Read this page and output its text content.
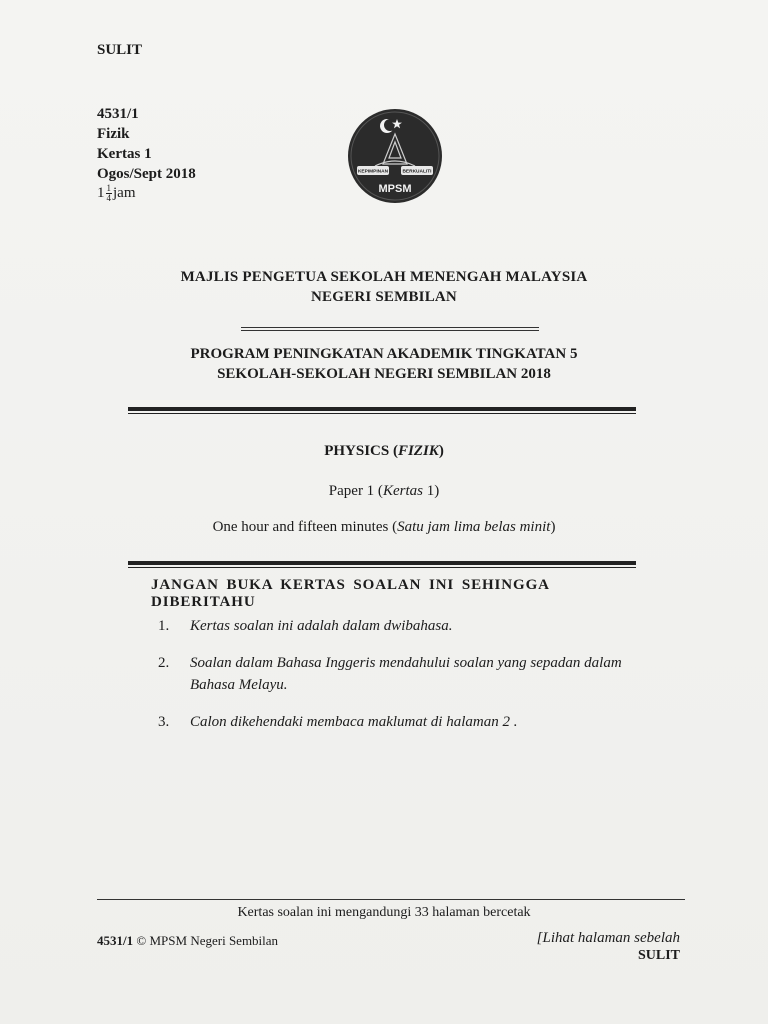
SULIT
4531/1
Fizik
Kertas 1
Ogos/Sept 2018
$1 \frac{1}{4}$ jam
KEPIMPINAN	BERKUALITI
MPSM
MAJLIS PENGETUA SEKOLAH MENENGAH MALAYSIA
NEGERI SEMBILAN
PROGRAM PENINGKATAN AKADEMIK TINGKATAN 5
SEKOLAH-SEKOLAH NEGERI SEMBILAN 2018
PHYSICS (FIZIK)
Paper 1 (Kertas 1)
One hour and fifteen minutes (Satu jam lima belas minit)
JANGAN BUKA KERTAS SOALAN INI SEHINGGA DIBERITAHU
1. Kertas soalan ini adalah dalam dwibahasa.
2. Soalan dalam Bahasa Inggeris mendahului soalan yang sepadan dalam Bahasa Melayu.
3. Calon dikehendaki membaca maklumat di halaman 2 .
Kertas soalan ini mengandungi 33 halaman bercetak
4531/1 © MPSM Negeri Sembilan	[Lihat halaman sebelah
SULIT
